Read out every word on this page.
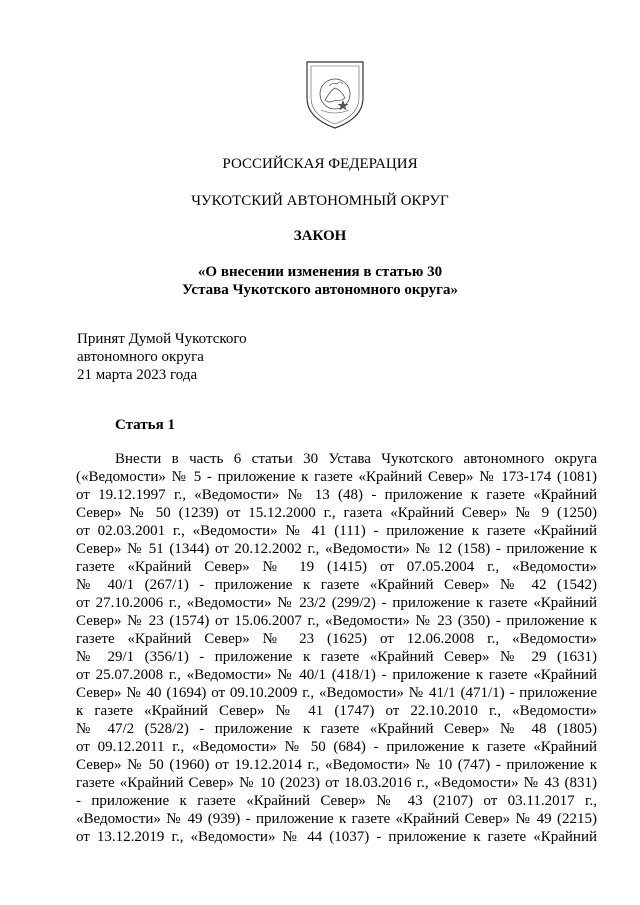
РОССИЙСКАЯ ФЕДЕРАЦИЯ
ЧУКОТСКИЙ АВТОНОМНЫЙ ОКРУГ
ЗАКОН
«О внесении изменения в статью 30
Устава Чукотского автономного округа»
Принят Думой Чукотского
автономного округа
21 марта 2023 года
Статья 1
Внести в часть 6 статьи 30 Устава Чукотского автономного округа
(«Ведомости» № 5 - приложение к газете «Крайний Север» № 173-174 (1081)
от 19.12.1997 г., «Ведомости» № 13 (48) - приложение к газете «Крайний
Север» № 50 (1239) от 15.12.2000 г., газета «Крайний Север» № 9 (1250)
от 02.03.2001 г., «Ведомости» № 41 (111) - приложение к газете «Крайний
Север» № 51 (1344) от 20.12.2002 г., «Ведомости» № 12 (158) - приложение к
газете «Крайний Север» № 19 (1415) от 07.05.2004 г., «Ведомости»
№ 40/1 (267/1) - приложение к газете «Крайний Север» № 42 (1542)
от 27.10.2006 г., «Ведомости» № 23/2 (299/2) - приложение к газете «Крайний
Север» № 23 (1574) от 15.06.2007 г., «Ведомости» № 23 (350) - приложение к
газете «Крайний Север» № 23 (1625) от 12.06.2008 г., «Ведомости»
№ 29/1 (356/1) - приложение к газете «Крайний Север» № 29 (1631)
от 25.07.2008 г., «Ведомости» № 40/1 (418/1) - приложение к газете «Крайний
Север» № 40 (1694) от 09.10.2009 г., «Ведомости» № 41/1 (471/1) - приложение
к газете «Крайний Север» № 41 (1747) от 22.10.2010 г., «Ведомости»
№ 47/2 (528/2) - приложение к газете «Крайний Север» № 48 (1805)
от 09.12.2011 г., «Ведомости» № 50 (684) - приложение к газете «Крайний
Север» № 50 (1960) от 19.12.2014 г., «Ведомости» № 10 (747) - приложение к
газете «Крайний Север» № 10 (2023) от 18.03.2016 г., «Ведомости» № 43 (831)
- приложение к газете «Крайний Север» № 43 (2107) от 03.11.2017 г.,
«Ведомости» № 49 (939) - приложение к газете «Крайний Север» № 49 (2215)
от 13.12.2019 г., «Ведомости» № 44 (1037) - приложение к газете «Крайний
